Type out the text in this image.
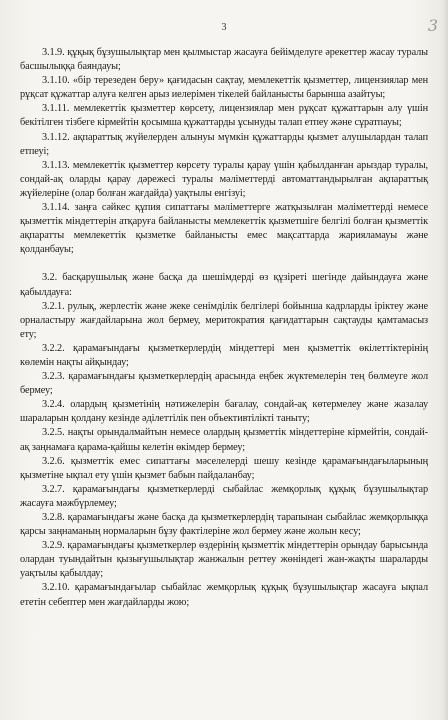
3	3

3.1.9. құқық бұзушылықтар мен қылмыстар жасауға бейімделуге әрекеттер жасау туралы басшылыққа баяндауы;

3.1.10. «бір терезеден беру» қағидасын сақтау, мемлекеттік қызметтер, лицензиялар мен рұқсат құжаттар алуға келген арыз иелерімен тікелей байланысты барынша азайтуы;

3.1.11. мемлекеттік қызметтер көрсету, лицензиялар мен рұқсат құжаттарын алу үшін бекітілген тізбеге кірмейтін қосымша құжаттарды ұсынуды талап етпеу және сұратпауы;

3.1.12. ақпараттық жүйелерден алынуы мүмкін құжаттарды қызмет алушылардан талап етпеуі;

3.1.13. мемлекеттік қызметтер көрсету туралы қарау үшін қабылданған арыздар туралы, сондай-ақ оларды қарау дәрежесі туралы мәліметтерді автоматтандырылған ақпараттық жүйелеріне (олар болған жағдайда) уақтылы енгізуі;

3.1.14. заңға сәйкес құпия сипаттағы мәліметтерге жатқызылған мәліметтерді немесе қызметтік міндеттерін атқаруға байланысты мемлекеттік қызметшіге белгілі болған қызметтік ақпаратты мемлекеттік қызметке байланысты емес мақсаттарда жарияламауы және қолданбауы;

3.2. басқарушылық және басқа да шешімдерді өз құзіреті шегінде дайындауға және қабылдауға:

3.2.1. рулық, жерлестік және жеке сенімділік белгілері бойынша кадрларды іріктеу және орналастыру жағдайларына жол бермеу, меритократия қағидаттарын сақтауды қамтамасыз ету;

3.2.2. қарамағындағы қызметкерлердің міндеттері мен қызметтік өкілеттіктерінің көлемін нақты айқындау;

3.2.3. қарамағындағы қызметкерлердің арасында еңбек жүктемелерін тең бөлмеуге жол бермеу;

3.2.4. олардың қызметінің нәтижелерін бағалау, сондай-ақ көтермелеу және жазалау шараларын қолдану кезінде әділеттілік пен объективтілікті таныту;

3.2.5. нақты орындалмайтын немесе олардың қызметтік міндеттеріне кірмейтін, сондай-ақ заңнамаға қарама-қайшы келетін өкімдер бермеу;

3.2.6. қызметтік емес сипаттағы мәселелерді шешу кезінде қарамағындағыларының қызметіне ықпал ету үшін қызмет бабын пайдаланбау;

3.2.7. қарамағындағы қызметкерлерді сыбайлас жемқорлық құқық бұзушылықтар жасауға мәжбүрлемеу;

3.2.8. қарамағындағы және басқа да қызметкерлердің тарапынан сыбайлас жемқорлыққа қарсы заңнаманың нормаларын бұзу фактілеріне жол бермеу және жолын кесу;

3.2.9. қарамағындағы қызметкерлер өздерінің қызметтік міндеттерін орындау барысында олардан туындайтын қызығушылықтар жанжалын реттеу жөніндегі жан-жақты шараларды уақтылы қабылдау;

3.2.10. қарамағындағылар сыбайлас жемқорлық құқық бұзушылықтар жасауға ықпал ететін себептер мен жағдайларды жою;
